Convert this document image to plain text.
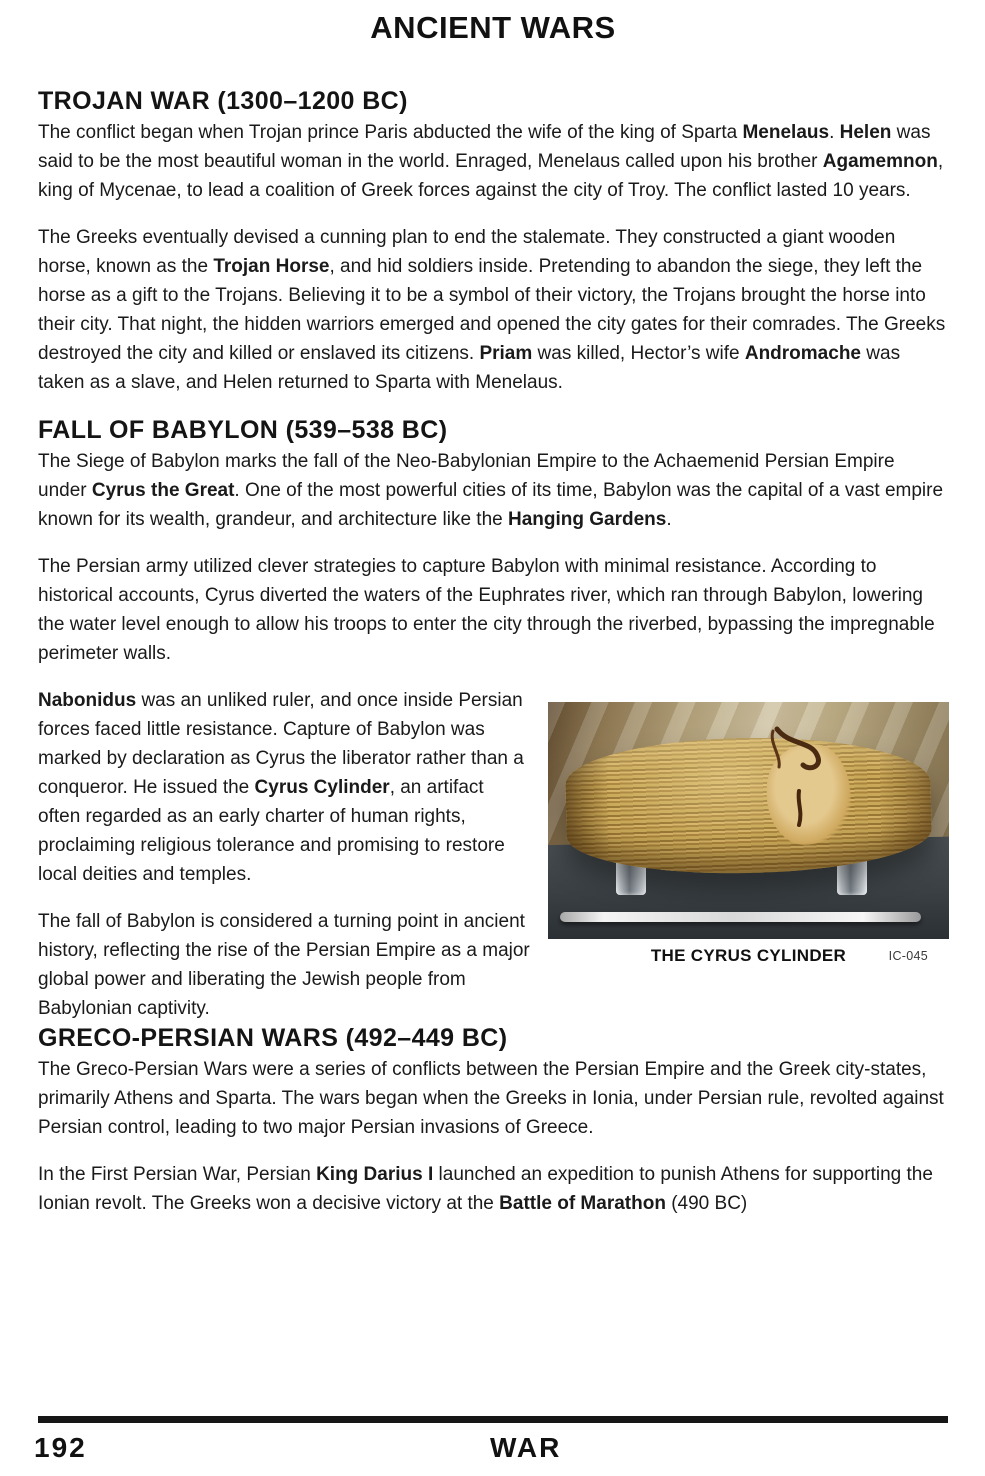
ANCIENT WARS
TROJAN WAR (1300–1200 BC)

The conflict began when Trojan prince Paris abducted the wife of the king of Sparta Menelaus. Helen was said to be the most beautiful woman in the world. Enraged, Menelaus called upon his brother Agamemnon, king of Mycenae, to lead a coalition of Greek forces against the city of Troy. The conflict lasted 10 years.

The Greeks eventually devised a cunning plan to end the stalemate. They constructed a giant wooden horse, known as the Trojan Horse, and hid soldiers inside. Pretending to abandon the siege, they left the horse as a gift to the Trojans. Believing it to be a symbol of their victory, the Trojans brought the horse into their city. That night, the hidden warriors emerged and opened the city gates for their comrades. The Greeks destroyed the city and killed or enslaved its citizens. Priam was killed, Hector’s wife Andromache was taken as a slave, and Helen returned to Sparta with Menelaus.

FALL OF BABYLON (539–538 BC)

The Siege of Babylon marks the fall of the Neo-Babylonian Empire to the Achaemenid Persian Empire under Cyrus the Great. One of the most powerful cities of its time, Babylon was the capital of a vast empire known for its wealth, grandeur, and architecture like the Hanging Gardens.

The Persian army utilized clever strategies to capture Babylon with minimal resistance. According to historical accounts, Cyrus diverted the waters of the Euphrates river, which ran through Babylon, lowering the water level enough to allow his troops to enter the city through the riverbed, bypassing the impregnable perimeter walls.

Nabonidus was an unliked ruler, and once inside Persian forces faced little resistance. Capture of Babylon was marked by declaration as Cyrus the liberator rather than a conqueror. He issued the Cyrus Cylinder, an artifact often regarded as an early charter of human rights, proclaiming religious tolerance and promising to restore local deities and temples.

The fall of Babylon is considered a turning point in ancient history, reflecting the rise of the Persian Empire as a major global power and liberating the Jewish people from Babylonian captivity.

THE CYRUS CYLINDER	IC-045
GRECO-PERSIAN WARS (492–449 BC)

The Greco-Persian Wars were a series of conflicts between the Persian Empire and the Greek city-states, primarily Athens and Sparta. The wars began when the Greeks in Ionia, under Persian rule, revolted against Persian control, leading to two major Persian invasions of Greece.

In the First Persian War, Persian King Darius I launched an expedition to punish Athens for supporting the Ionian revolt. The Greeks won a decisive victory at the Battle of Marathon (490 BC)

192	WAR
